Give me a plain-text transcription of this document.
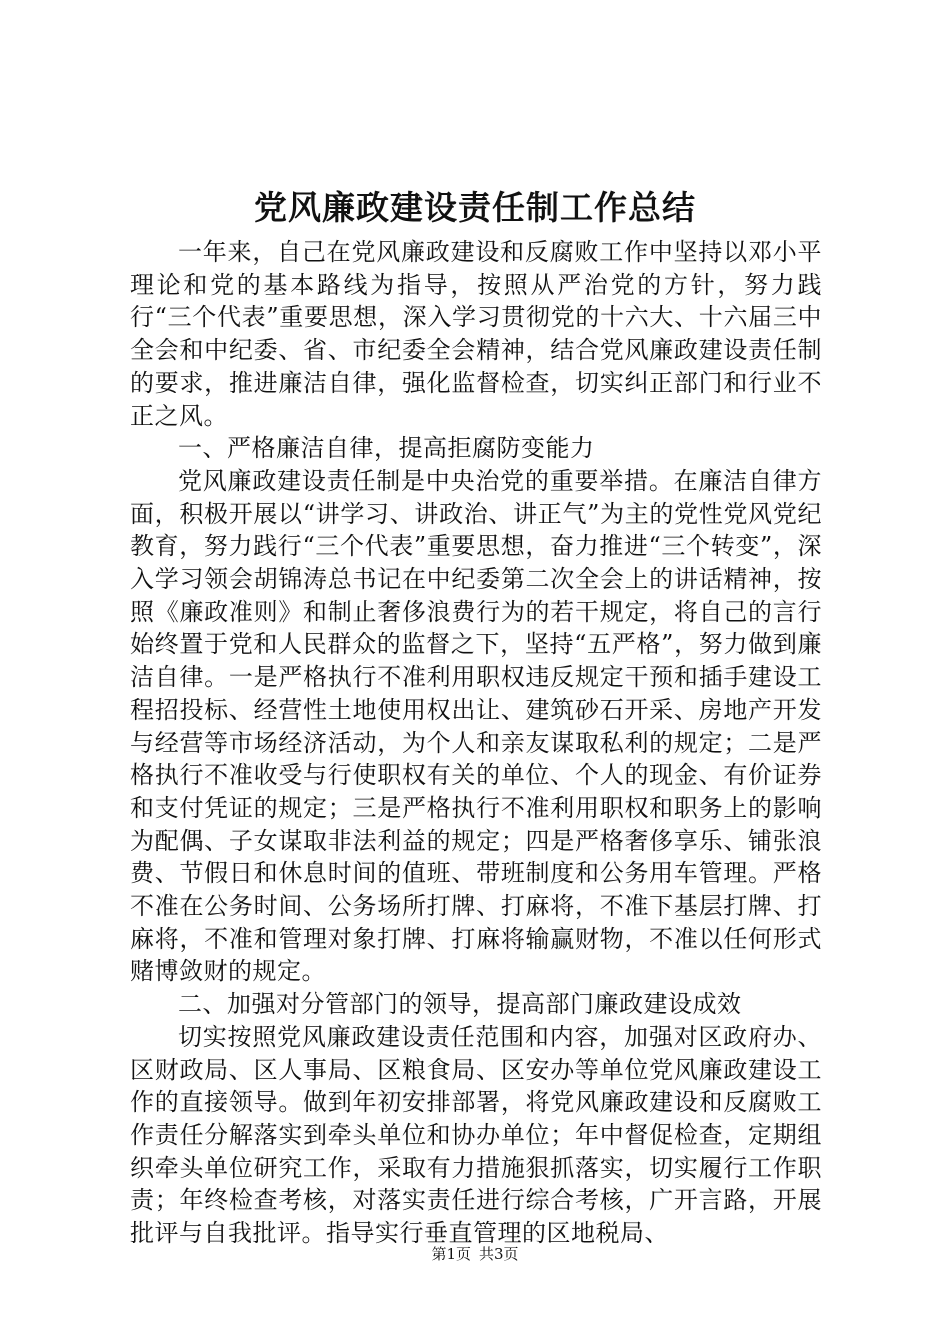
党风廉政建设责任制工作总结

一年来，自己在党风廉政建设和反腐败工作中坚持以邓小平理论和党的基本路线为指导，按照从严治党的方针，努力践行“三个代表”重要思想，深入学习贯彻党的十六大、十六届三中全会和中纪委、省、市纪委全会精神，结合党风廉政建设责任制的要求，推进廉洁自律，强化监督检查，切实纠正部门和行业不正之风。

一、严格廉洁自律，提高拒腐防变能力

党风廉政建设责任制是中央治党的重要举措。在廉洁自律方面，积极开展以“讲学习、讲政治、讲正气”为主的党性党风党纪教育，努力践行“三个代表”重要思想，奋力推进“三个转变”，深入学习领会胡锦涛总书记在中纪委第二次全会上的讲话精神，按照《廉政准则》和制止奢侈浪费行为的若干规定，将自己的言行始终置于党和人民群众的监督之下，坚持“五严格”，努力做到廉洁自律。一是严格执行不准利用职权违反规定干预和插手建设工程招投标、经营性土地使用权出让、建筑砂石开采、房地产开发与经营等市场经济活动，为个人和亲友谋取私利的规定；二是严格执行不准收受与行使职权有关的单位、个人的现金、有价证券和支付凭证的规定；三是严格执行不准利用职权和职务上的影响为配偶、子女谋取非法利益的规定；四是严格奢侈享乐、铺张浪费、节假日和休息时间的值班、带班制度和公务用车管理。严格不准在公务时间、公务场所打牌、打麻将，不准下基层打牌、打麻将，不准和管理对象打牌、打麻将输赢财物，不准以任何形式赌博敛财的规定。

二、加强对分管部门的领导，提高部门廉政建设成效

切实按照党风廉政建设责任范围和内容，加强对区政府办、区财政局、区人事局、区粮食局、区安办等单位党风廉政建设工作的直接领导。做到年初安排部署，将党风廉政建设和反腐败工作责任分解落实到牵头单位和协办单位；年中督促检查，定期组织牵头单位研究工作，采取有力措施狠抓落实，切实履行工作职责；年终检查考核，对落实责任进行综合考核，广开言路，开展批评与自我批评。指导实行垂直管理的区地税局、

第1页 共3页
